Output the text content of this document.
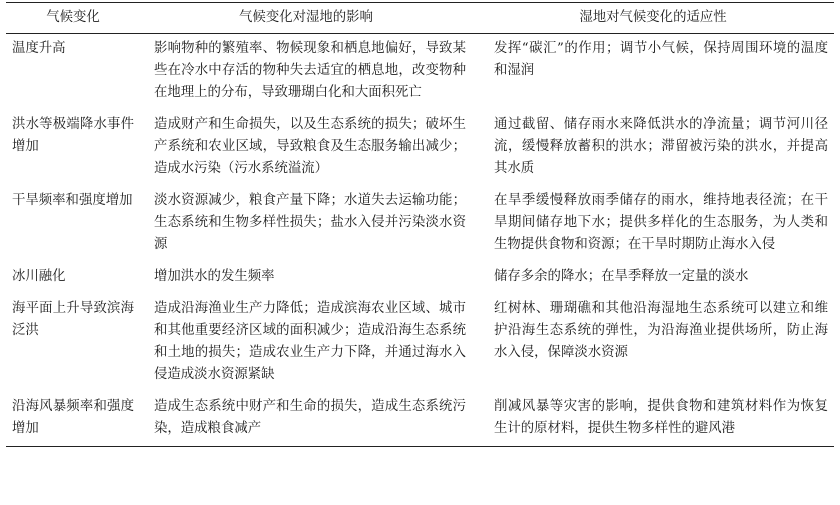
气候变化	气候变化对湿地的影响	湿地对气候变化的适应性
温度升高	影响物种的繁殖率、物候现象和栖息地偏好，导致某些在冷水中存活的物种失去适宜的栖息地，改变物种在地理上的分布，导致珊瑚白化和大面积死亡	发挥“碳汇”的作用；调节小气候，保持周围环境的温度和湿润
洪水等极端降水事件增加	造成财产和生命损失，以及生态系统的损失；破坏生产系统和农业区域，导致粮食及生态服务输出减少；造成水污染（污水系统溢流）	通过截留、储存雨水来降低洪水的净流量；调节河川径流，缓慢释放蓄积的洪水；滞留被污染的洪水，并提高其水质
干旱频率和强度增加	淡水资源减少，粮食产量下降；水道失去运输功能；生态系统和生物多样性损失；盐水入侵并污染淡水资源	在旱季缓慢释放雨季储存的雨水，维持地表径流；在干旱期间储存地下水；提供多样化的生态服务，为人类和生物提供食物和资源；在干旱时期防止海水入侵
冰川融化	增加洪水的发生频率	储存多余的降水；在旱季释放一定量的淡水
海平面上升导致滨海泛洪	造成沿海渔业生产力降低；造成滨海农业区域、城市和其他重要经济区域的面积减少；造成沿海生态系统和土地的损失；造成农业生产力下降，并通过海水入侵造成淡水资源紧缺	红树林、珊瑚礁和其他沿海湿地生态系统可以建立和维护沿海生态系统的弹性，为沿海渔业提供场所，防止海水入侵，保障淡水资源
沿海风暴频率和强度增加	造成生态系统中财产和生命的损失，造成生态系统污染，造成粮食减产	削减风暴等灾害的影响，提供食物和建筑材料作为恢复生计的原材料，提供生物多样性的避风港
